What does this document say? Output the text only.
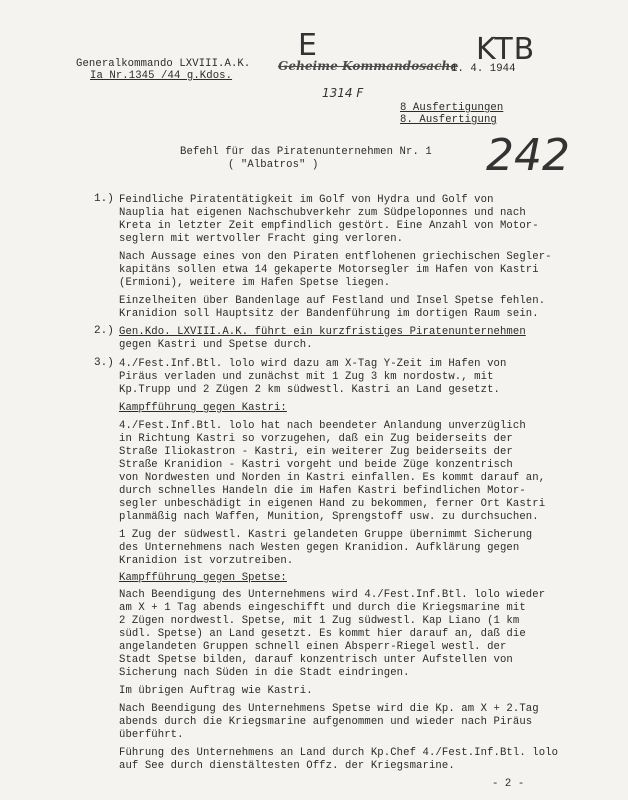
Generalkommando LXVIII.A.K.
Ia Nr.1345 /44 g.Kdos.
Geheime Kommandosache
1. 4. 1944
8 Ausfertigungen
8. Ausfertigung
E	KTB
1314 F
242
Befehl für das Piratenunternehmen Nr. 1
( "Albatros" )
1.) Feindliche Piratentätigkeit im Golf von Hydra und Golf von
Nauplia hat eigenen Nachschubverkehr zum Südpeloponnes und nach
Kreta in letzter Zeit empfindlich gestört. Eine Anzahl von Motor-
seglern mit wertvoller Fracht ging verloren.
Nach Aussage eines von den Piraten entflohenen griechischen Segler-
kapitäns sollen etwa 14 gekaperte Motorsegler im Hafen von Kastri
(Ermioni), weitere im Hafen Spetse liegen.
Einzelheiten über Bandenlage auf Festland und Insel Spetse fehlen.
Kranidion soll Hauptsitz der Bandenführung im dortigen Raum sein.
2.) Gen.Kdo. LXVIII.A.K. führt ein kurzfristiges Piratenunternehmen
gegen Kastri und Spetse durch.
3.) 4./Fest.Inf.Btl. lolo wird dazu am X-Tag Y-Zeit im Hafen von
Piräus verladen und zunächst mit 1 Zug 3 km nordostw., mit
Kp.Trupp und 2 Zügen 2 km südwestl. Kastri an Land gesetzt.
Kampfführung gegen Kastri:
4./Fest.Inf.Btl. lolo hat nach beendeter Anlandung unverzüglich
in Richtung Kastri so vorzugehen, daß ein Zug beiderseits der
Straße Iliokastron - Kastri, ein weiterer Zug beiderseits der
Straße Kranidion - Kastri vorgeht und beide Züge konzentrisch
von Nordwesten und Norden in Kastri einfallen. Es kommt darauf an,
durch schnelles Handeln die im Hafen Kastri befindlichen Motor-
segler unbeschädigt in eigenen Hand zu bekommen, ferner Ort Kastri
planmäßig nach Waffen, Munition, Sprengstoff usw. zu durchsuchen.
1 Zug der südwestl. Kastri gelandeten Gruppe übernimmt Sicherung
des Unternehmens nach Westen gegen Kranidion. Aufklärung gegen
Kranidion ist vorzutreiben.
Kampfführung gegen Spetse:
Nach Beendigung des Unternehmens wird 4./Fest.Inf.Btl. lolo wieder
am X + 1 Tag abends eingeschifft und durch die Kriegsmarine mit
2 Zügen nordwestl. Spetse, mit 1 Zug südwestl. Kap Liano (1 km
südl. Spetse) an Land gesetzt. Es kommt hier darauf an, daß die
angelandeten Gruppen schnell einen Absperr-Riegel westl. der
Stadt Spetse bilden, darauf konzentrisch unter Aufstellen von
Sicherung nach Süden in die Stadt eindringen.
Im übrigen Auftrag wie Kastri.
Nach Beendigung des Unternehmens Spetse wird die Kp. am X + 2.Tag
abends durch die Kriegsmarine aufgenommen und wieder nach Piräus
überführt.
Führung des Unternehmens an Land durch Kp.Chef 4./Fest.Inf.Btl. lolo
auf See durch dienstältesten Offz. der Kriegsmarine.
- 2 -
